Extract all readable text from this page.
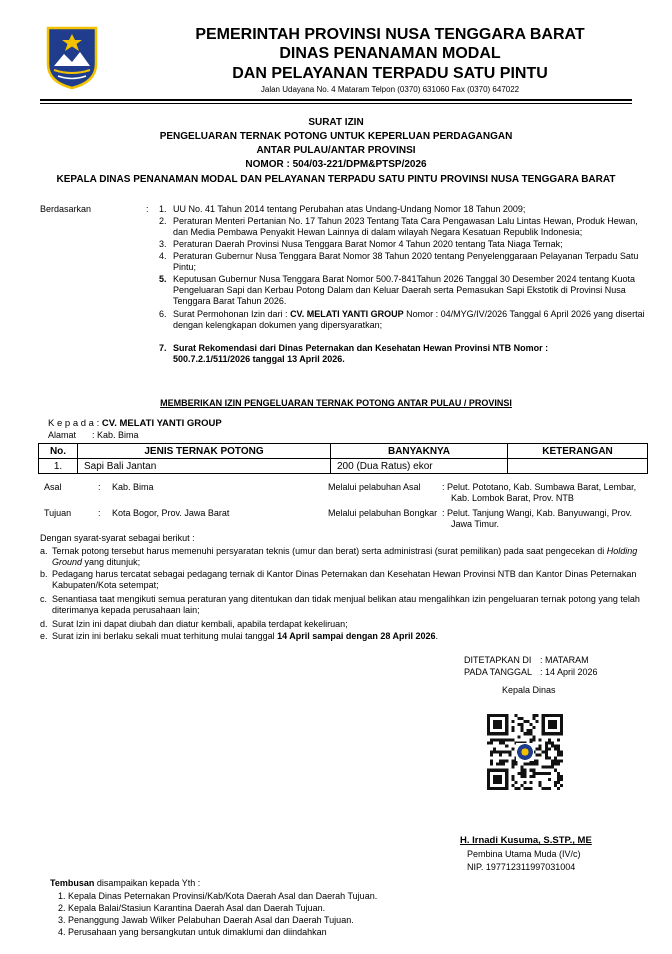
PEMERINTAH PROVINSI NUSA TENGGARA BARAT
DINAS PENANAMAN MODAL
DAN PELAYANAN TERPADU SATU PINTU
Jalan Udayana No. 4 Mataram Telpon (0370) 631060 Fax (0370) 647022
SURAT IZIN
PENGELUARAN TERNAK POTONG UNTUK KEPERLUAN PERDAGANGAN
ANTAR PULAU/ANTAR PROVINSI
NOMOR : 504/03-221/DPM&PTSP/2026
KEPALA DINAS PENANAMAN MODAL DAN PELAYANAN TERPADU SATU PINTU PROVINSI NUSA TENGGARA BARAT
Berdasarkan	: 1. UU No. 41 Tahun 2014 tentang Perubahan atas Undang-Undang Nomor 18 Tahun 2009;
2. Peraturan Menteri Pertanian No. 17 Tahun 2023 Tentang Tata Cara Pengawasan Lalu Lintas Hewan, Produk Hewan,
dan Media Pembawa Penyakit Hewan Lainnya di dalam wilayah Negara Kesatuan Republik Indonesia;
3. Peraturan Daerah Provinsi Nusa Tenggara Barat Nomor 4 Tahun 2020 tentang Tata Niaga Ternak;
4. Peraturan Gubernur Nusa Tenggara Barat Nomor 38 Tahun 2020 tentang Penyelenggaraan Pelayanan Terpadu Satu
Pintu;
5. Keputusan Gubernur Nusa Tenggara Barat Nomor 500.7-841Tahun 2026 Tanggal 30 Desember 2024 tentang Kuota
Pengeluaran Sapi dan Kerbau Potong Dalam dan Keluar Daerah serta Pemasukan Sapi Ekstotik di Provinsi Nusa
Tenggara Barat Tahun 2026.
6. Surat Permohonan Izin dari : CV. MELATI YANTI GROUP Nomor : 04/MYG/IV/2026 Tanggal 6 April 2026 yang disertai
dengan kelengkapan dokumen yang dipersyaratkan;
7. Surat Rekomendasi dari Dinas Peternakan dan Kesehatan Hewan Provinsi NTB Nomor :
500.7.2.1/511/2026 tanggal 13 April 2026.
MEMBERIKAN IZIN PENGELUARAN TERNAK POTONG ANTAR PULAU / PROVINSI
K e p a d a : CV. MELATI YANTI GROUP
Alamat : Kab. Bima
No.	JENIS TERNAK POTONG	BANYAKNYA	KETERANGAN
1.	Sapi Bali Jantan	200 (Dua Ratus) ekor	
Asal	: Kab. Bima	Melalui pelabuhan Asal : Pelut. Pototano, Kab. Sumbawa Barat, Lembar,
Kab. Lombok Barat, Prov. NTB
Tujuan	: Kota Bogor, Prov. Jawa Barat	Melalui pelabuhan Bongkar : Pelut. Tanjung Wangi, Kab. Banyuwangi, Prov.
Jawa Timur.
Dengan syarat-syarat sebagai berikut :
a. Ternak potong tersebut harus memenuhi persyaratan teknis (umur dan berat) serta administrasi (surat pemilikan) pada saat pengecekan di Holding
Ground yang ditunjuk;
b. Pedagang harus tercatat sebagai pedagang ternak di Kantor Dinas Peternakan dan Kesehatan Hewan Provinsi NTB dan Kantor Dinas Peternakan
Kabupaten/Kota setempat;
c. Senantiasa taat mengikuti semua peraturan yang ditentukan dan tidak menjual belikan atau mengalihkan izin pengeluaran ternak potong yang telah
diterimanya kepada perusahaan lain;
d. Surat Izin ini dapat diubah dan diatur kembali, apabila terdapat kekeliruan;
e. Surat izin ini berlaku sekali muat terhitung mulai tanggal 14 April sampai dengan 28 April 2026.
DITETAPKAN DI : MATARAM
PADA TANGGAL : 14 April 2026
Kepala Dinas
H. Irnadi Kusuma, S.STP., ME
Pembina Utama Muda (IV/c)
NIP. 197712311997031004
Tembusan disampaikan kepada Yth :
1. Kepala Dinas Peternakan Provinsi/Kab/Kota Daerah Asal dan Daerah Tujuan.
2. Kepala Balai/Stasiun Karantina Daerah Asal dan Daerah Tujuan.
3. Penanggung Jawab Wilker Pelabuhan Daerah Asal dan Daerah Tujuan.
4. Perusahaan yang bersangkutan untuk dimaklumi dan diindahkan
